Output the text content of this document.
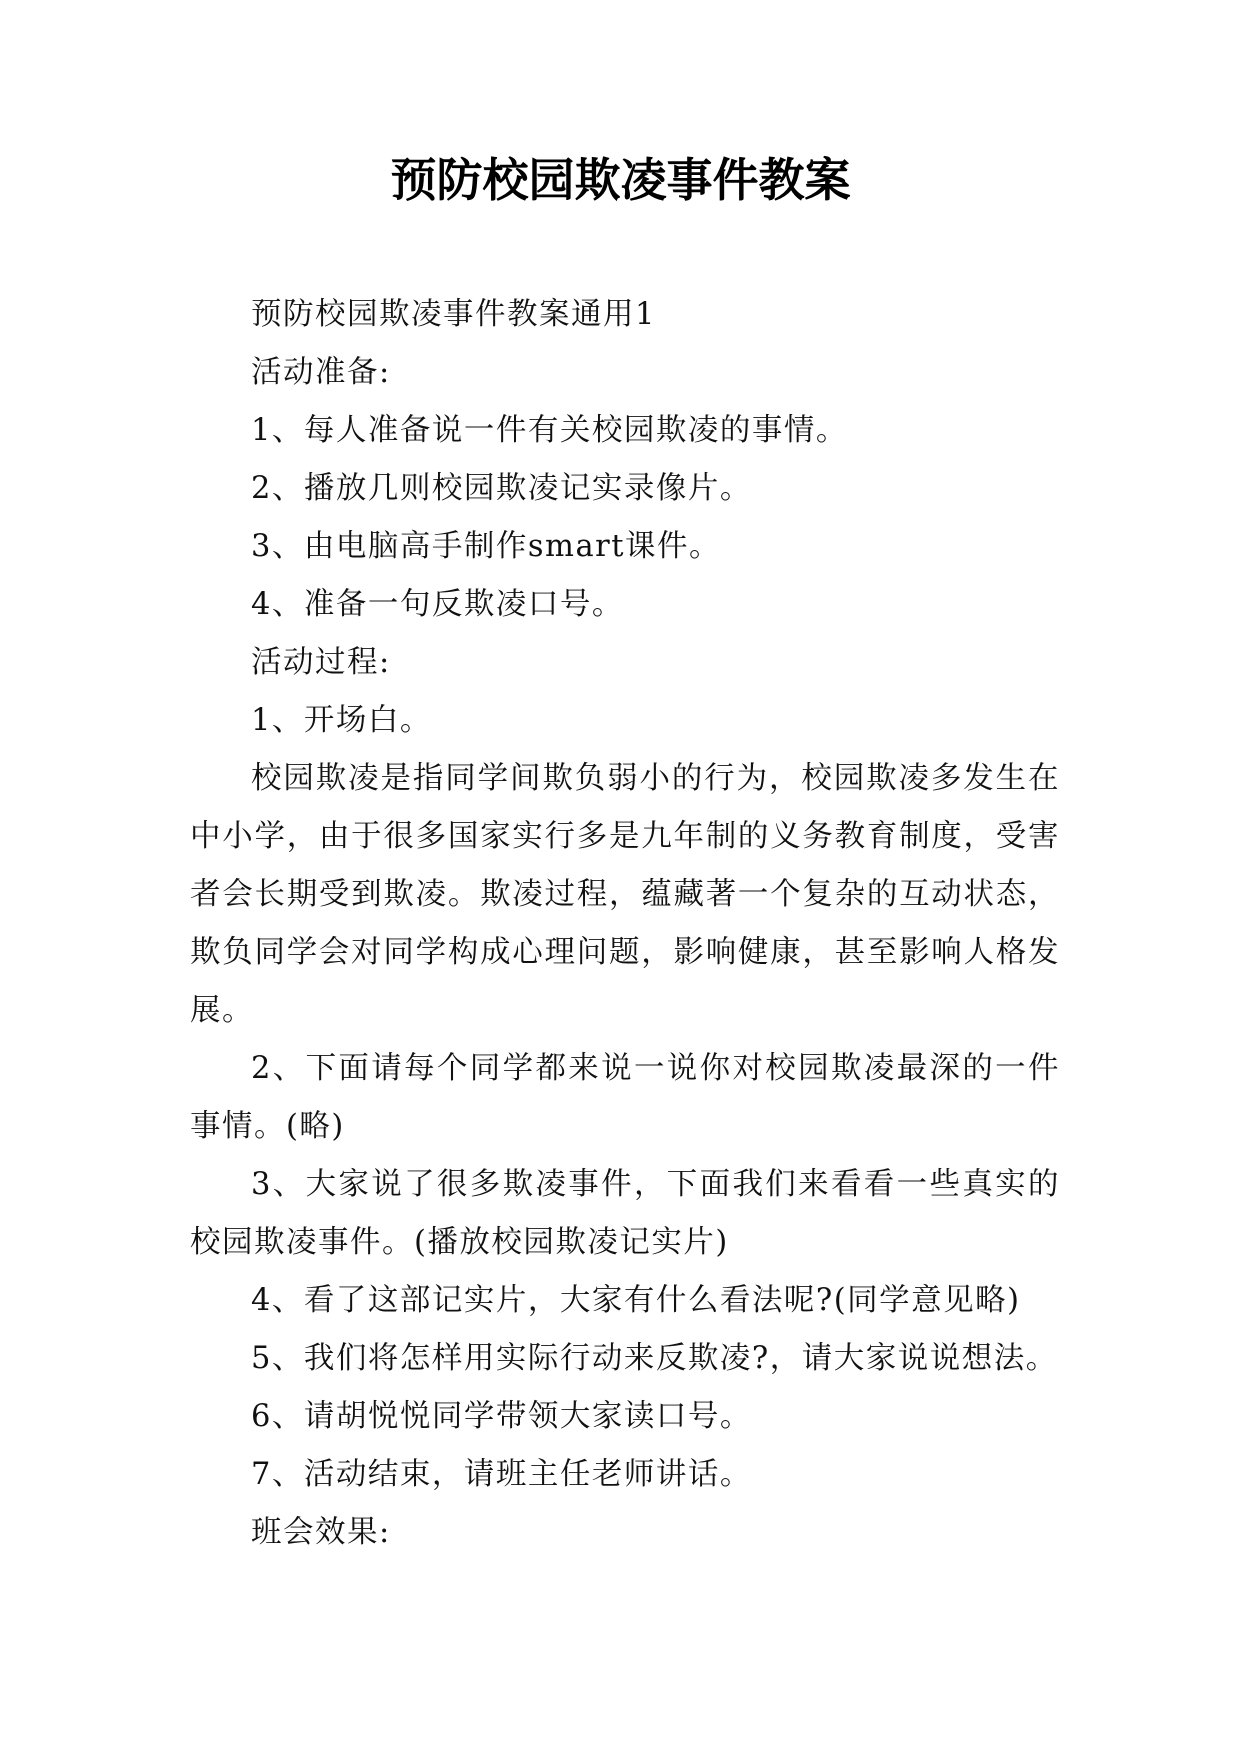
预防校园欺凌事件教案

预防校园欺凌事件教案通用1

活动准备:

1、每人准备说一件有关校园欺凌的事情。

2、播放几则校园欺凌记实录像片。

3、由电脑高手制作smart课件。

4、准备一句反欺凌口号。

活动过程:

1、开场白。

校园欺凌是指同学间欺负弱小的行为，校园欺凌多发生在中小学，由于很多国家实行多是九年制的义务教育制度，受害者会长期受到欺凌。欺凌过程，蕴藏著一个复杂的互动状态，欺负同学会对同学构成心理问题，影响健康，甚至影响人格发展。

2、下面请每个同学都来说一说你对校园欺凌最深的一件事情。(略)

3、大家说了很多欺凌事件，下面我们来看看一些真实的校园欺凌事件。(播放校园欺凌记实片)

4、看了这部记实片，大家有什么看法呢?(同学意见略)

5、我们将怎样用实际行动来反欺凌?，请大家说说想法。

6、请胡悦悦同学带领大家读口号。

7、活动结束，请班主任老师讲话。

班会效果:
